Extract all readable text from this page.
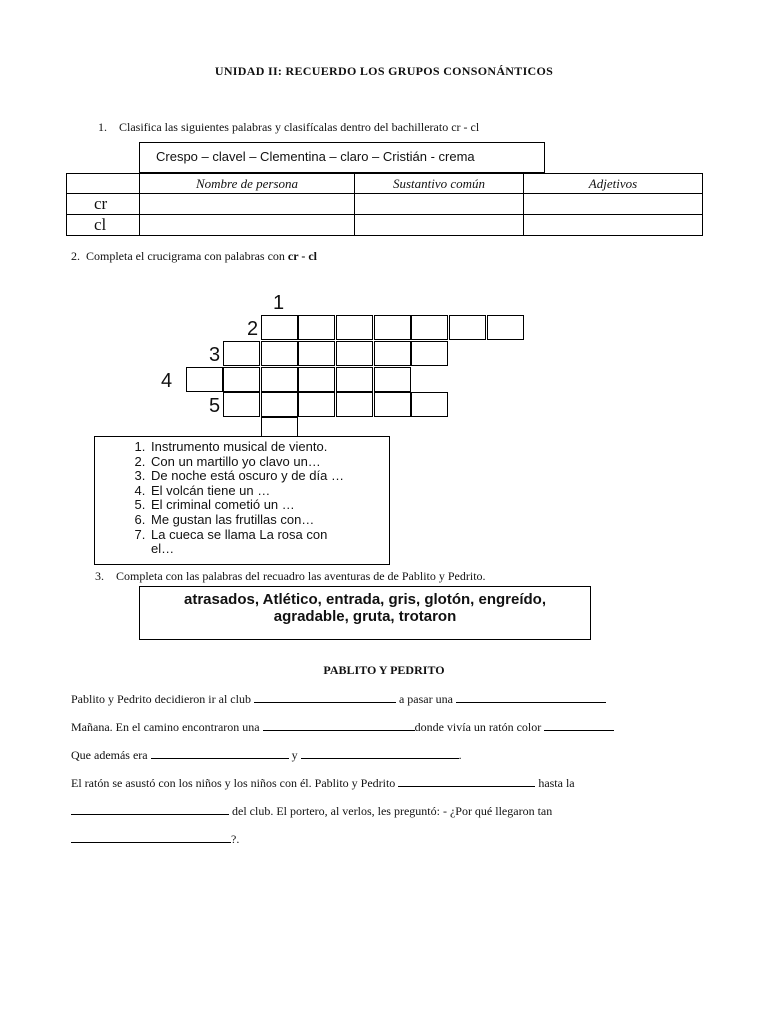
UNIDAD II: RECUERDO LOS GRUPOS CONSONÁNTICOS
1. Clasifica las siguientes palabras y clasifícalas dentro del bachillerato cr - cl
Crespo – clavel – Clementina – claro – Cristián - crema
	Nombre de persona	Sustantivo común	Adjetivos
cr			
cl			
2. Completa el crucigrama con palabras con cr - cl
1
2
3
4
5
1. Instrumento musical de viento.
2. Con un martillo yo clavo un…
3. De noche está oscuro y de día …
4. El volcán tiene un …
5. El criminal cometió un …
6. Me gustan las frutillas con…
7. La cueca se llama La rosa con el…
3. Completa con las palabras del recuadro las aventuras de de Pablito y Pedrito.
atrasados, Atlético, entrada, gris, glotón, engreído,
agradable, gruta, trotaron
PABLITO Y PEDRITO
Pablito y Pedrito decidieron ir al club	a pasar una
Mañana. En el camino encontraron una	donde vivía un ratón color
Que además era	y	.
El ratón se asustó con los niños y los niños con él. Pablito y Pedrito	hasta la
del club. El portero, al verlos, les preguntó: - ¿Por qué llegaron tan
?.
